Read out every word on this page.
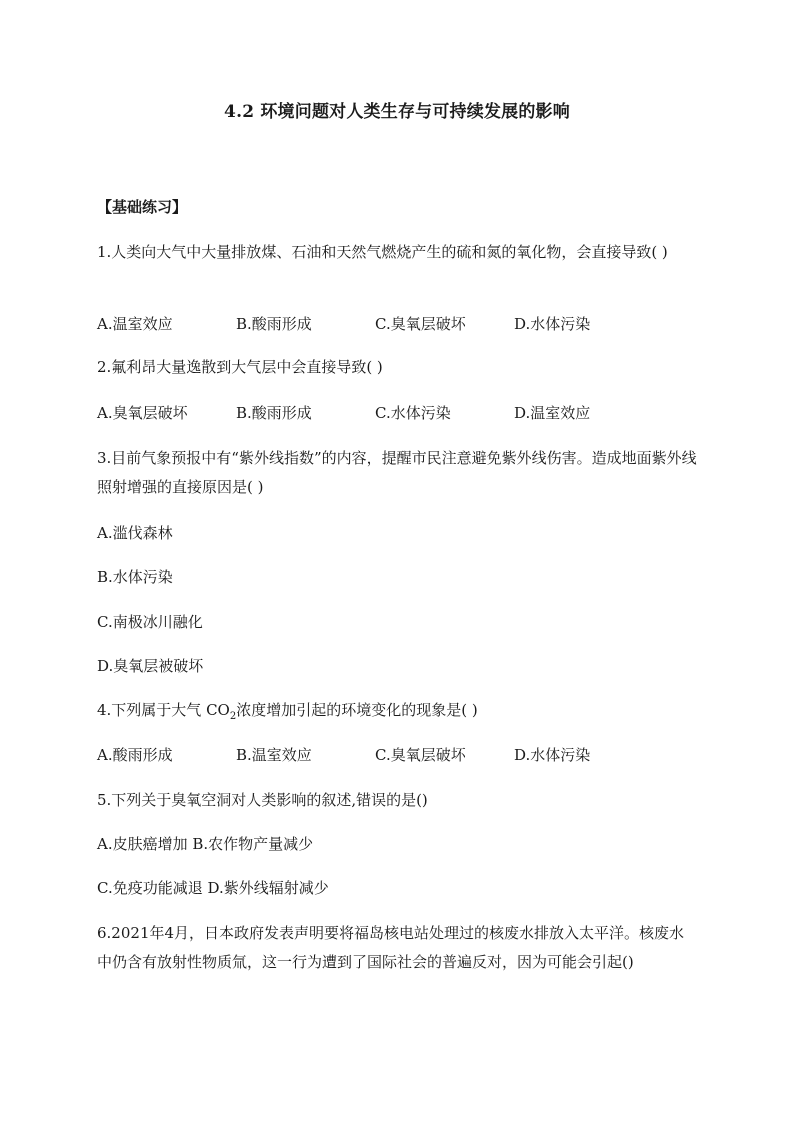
4.2 环境问题对人类生存与可持续发展的影响
【基础练习】
1.人类向大气中大量排放煤、石油和天然气燃烧产生的硫和氮的氧化物，会直接导致( )
A.温室效应	B.酸雨形成	C.臭氧层破坏	D.水体污染
2.氟利昂大量逸散到大气层中会直接导致( )
A.臭氧层破坏	B.酸雨形成	C.水体污染	D.温室效应
3.目前气象预报中有“紫外线指数”的内容，提醒市民注意避免紫外线伤害。造成地面紫外线照射增强的直接原因是( )
A.滥伐森林
B.水体污染
C.南极冰川融化
D.臭氧层被破坏
4.下列属于大气 $CO_2$浓度增加引起的环境变化的现象是( )
A.酸雨形成	B.温室效应	C.臭氧层破坏	D.水体污染
5.下列关于臭氧空洞对人类影响的叙述,错误的是()
A.皮肤癌增加 B.农作物产量减少
C.免疫功能减退 D.紫外线辐射减少
6.2021年4月，日本政府发表声明要将福岛核电站处理过的核废水排放入太平洋。核废水中仍含有放射性物质氚，这一行为遭到了国际社会的普遍反对，因为可能会引起()
